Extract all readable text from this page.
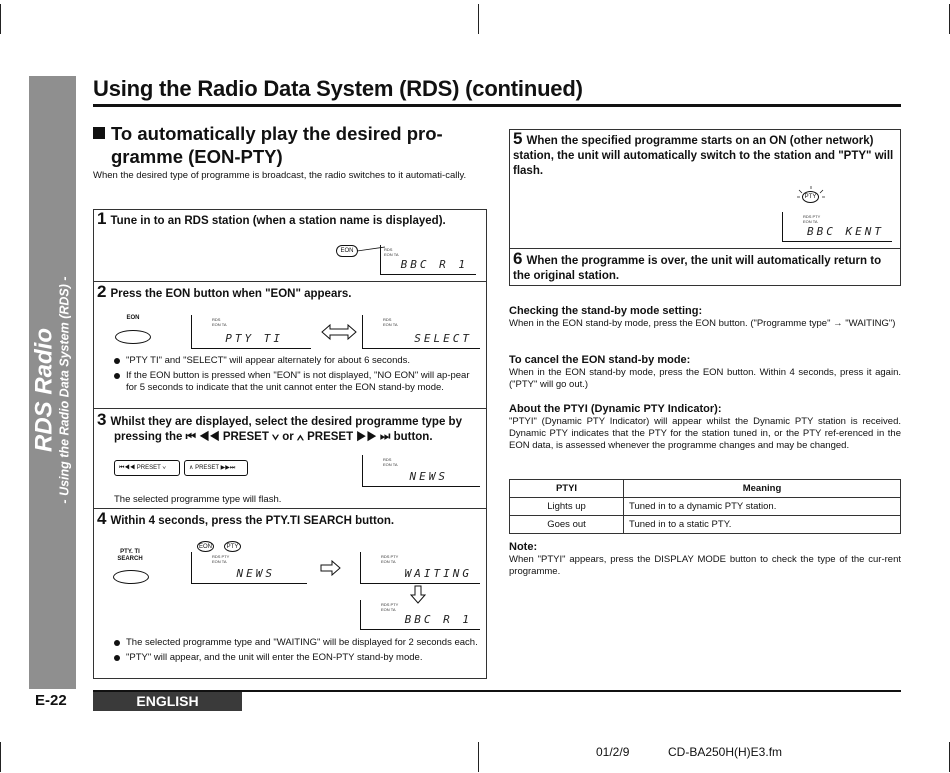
RDS Radio - Using the Radio Data System (RDS) -
Using the Radio Data System (RDS) (continued)
To automatically play the desired pro-
gramme (EON-PTY)
When the desired type of programme is broadcast, the radio switches to it automati-cally.
1 Tune in to an RDS station (when a station name is displayed).
EON	RDS
EON TA
BBC R 1
2 Press the EON button when "EON" appears.
EON	RDS
EON TA
PTY TI
RDS
EON TA
SELECT
"PTY TI" and "SELECT" will appear alternately for about 6 seconds.
If the EON button is pressed when "EON" is not displayed, "NO EON" will ap-pear for 5 seconds to indicate that the unit cannot enter the EON stand-by mode.
3 Whilst they are displayed, select the desired programme type by
pressing the ⏮ ◀◀ PRESET ∨ or ∧ PRESET ▶▶ ⏭ button.
⏮◀◀ PRESET ∨	∧ PRESET ▶▶⏭
RDS
EON TA
NEWS
The selected programme type will flash.
4 Within 4 seconds, press the PTY.TI SEARCH button.
PTY. TI
SEARCH
EON	PTY
RDS PTY
EON TA
NEWS
RDS PTY
EON TA
WAITING
RDS PTY
EON TA
BBC R 1
The selected programme type and "WAITING" will be displayed for 2 seconds each.
"PTY" will appear, and the unit will enter the EON-PTY stand-by mode.
5 When the specified programme starts on an ON (other network) station, the unit will automatically switch to the station and "PTY" will flash.
PTY
RDS PTY
EON TA
BBC KENT
6 When the programme is over, the unit will automatically return to the original station.
Checking the stand-by mode setting:
When in the EON stand-by mode, press the EON button. ("Programme type" → "WAITING")
To cancel the EON stand-by mode:
When in the EON stand-by mode, press the EON button. Within 4 seconds, press it again. ("PTY" will go out.)
About the PTYI (Dynamic PTY Indicator):
"PTYI" (Dynamic PTY Indicator) will appear whilst the Dynamic PTY station is received. Dynamic PTY indicates that the PTY for the station tuned in, or the PTY ref-erenced in the EON data, is assessed whenever the programme changes and may be changed.
PTYI	Meaning
Lights up	Tuned in to a dynamic PTY station.
Goes out	Tuned in to a static PTY.
Note:
When "PTYI" appears, press the DISPLAY MODE button to check the type of the cur-rent programme.
E-22	ENGLISH
01/2/9	CD-BA250H(H)E3.fm
